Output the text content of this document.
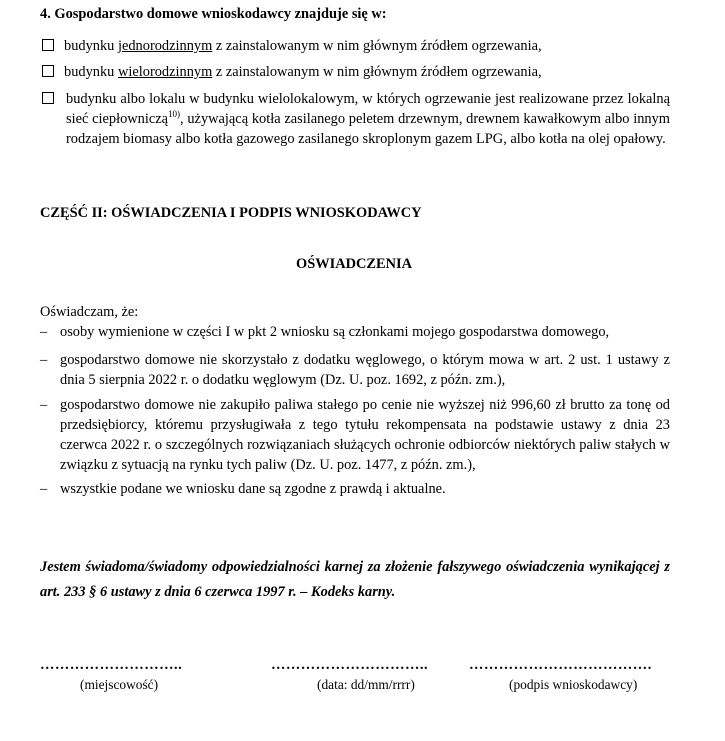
4. Gospodarstwo domowe wnioskodawcy znajduje się w:
budynku jednorodzinnym z zainstalowanym w nim głównym źródłem ogrzewania,
budynku wielorodzinnym z zainstalowanym w nim głównym źródłem ogrzewania,
budynku albo lokalu w budynku wielolokalowym, w których ogrzewanie jest realizowane przez lokalną sieć ciepłowniczą$^{10)}$, używającą kotła zasilanego peletem drzewnym, drewnem kawałkowym albo innym rodzajem biomasy albo kotła gazowego zasilanego skroplonym gazem LPG, albo kotła na olej opałowy.
CZĘŚĆ II: OŚWIADCZENIA I PODPIS WNIOSKODAWCY
OŚWIADCZENIA
Oświadczam, że:
– osoby wymienione w części I w pkt 2 wniosku są członkami mojego gospodarstwa domowego,
– gospodarstwo domowe nie skorzystało z dodatku węglowego, o którym mowa w art. 2 ust. 1 ustawy z dnia 5 sierpnia 2022 r. o dodatku węglowym (Dz. U. poz. 1692, z późn. zm.),
– gospodarstwo domowe nie zakupiło paliwa stałego po cenie nie wyższej niż 996,60 zł brutto za tonę od przedsiębiorcy, któremu przysługiwała z tego tytułu rekompensata na podstawie ustawy z dnia 23 czerwca 2022 r. o szczególnych rozwiązaniach służących ochronie odbiorców niektórych paliw stałych w związku z sytuacją na rynku tych paliw (Dz. U. poz. 1477, z późn. zm.),
– wszystkie podane we wniosku dane są zgodne z prawdą i aktualne.
Jestem świadoma/świadomy odpowiedzialności karnej za złożenie fałszywego oświadczenia wynikającej z art. 233 § 6 ustawy z dnia 6 czerwca 1997 r. – Kodeks karny.
………………………..
(miejscowość)
…………………………..
(data: dd/mm/rrrr)
……………………………….
(podpis wnioskodawcy)
